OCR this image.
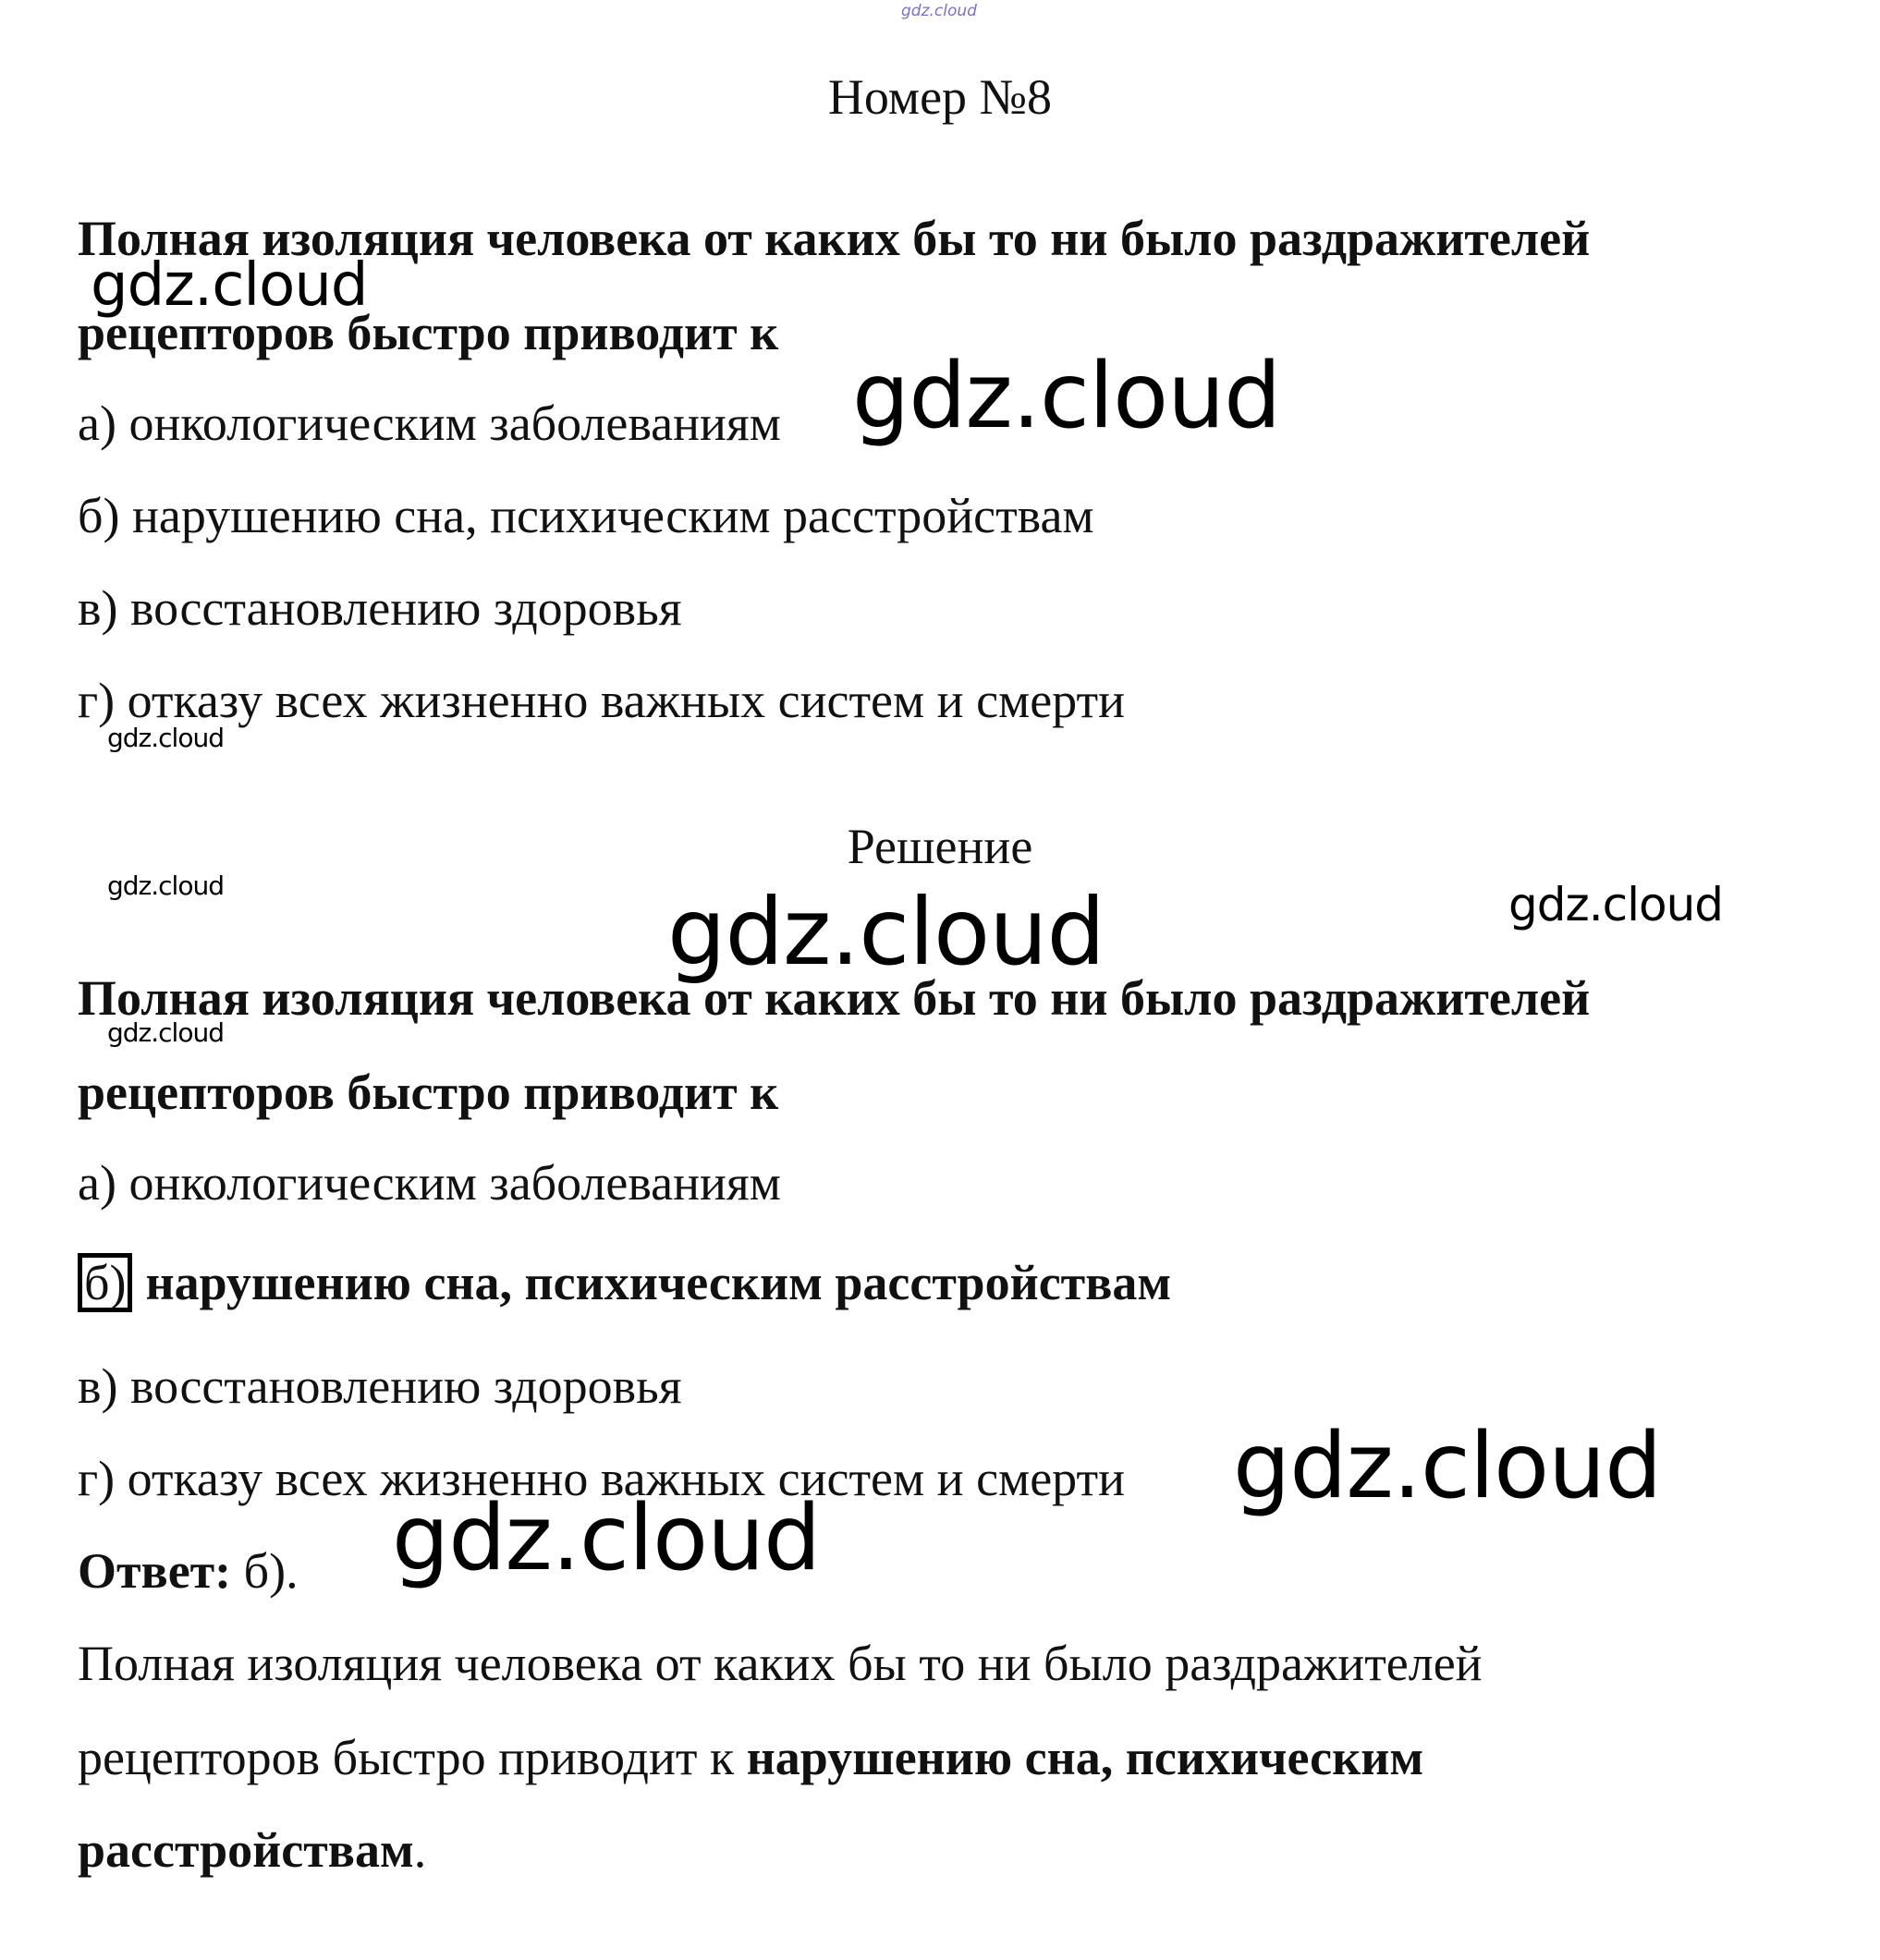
gdz.cloud
Номер №8
Полная изоляция человека от каких бы то ни было раздражителей
рецепторов быстро приводит к
а) онкологическим заболеваниям
б) нарушению сна, психическим расстройствам
в) восстановлению здоровья
г) отказу всех жизненно важных систем и смерти
Решение
Полная изоляция человека от каких бы то ни было раздражителей
рецепторов быстро приводит к
а) онкологическим заболеваниям
б) нарушению сна, психическим расстройствам
в) восстановлению здоровья
г) отказу всех жизненно важных систем и смерти
Ответ: б).
Полная изоляция человека от каких бы то ни было раздражителей
рецепторов быстро приводит к нарушению сна, психическим
расстройствам.
gdz.cloud
gdz.cloud
gdz.cloud
gdz.cloud	gdz.cloud	gdz.cloud
gdz.cloud
gdz.cloud
gdz.cloud
